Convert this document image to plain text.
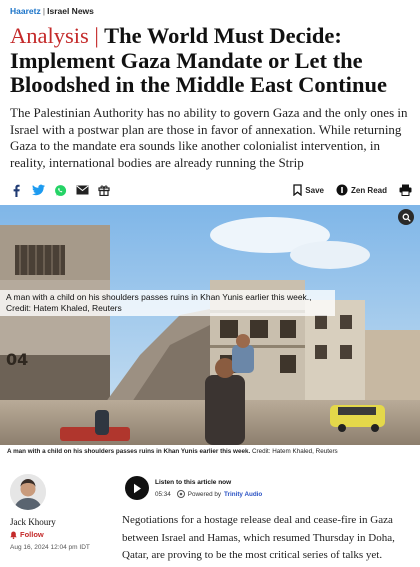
Haaretz | Israel News
Analysis | The World Must Decide: Implement Gaza Mandate or Let the Bloodshed in the Middle East Continue

The Palestinian Authority has no ability to govern Gaza and the only ones in Israel with a postwar plan are those in favor of annexation. While returning Gaza to the mandate era sounds like another colonialist intervention, in reality, international bodies are already running the Strip

Save	Zen Read
04
A man with a child on his shoulders passes ruins in Khan Yunis earlier this week.,
Credit: Hatem Khaled, Reuters
A man with a child on his shoulders passes ruins in Khan Yunis earlier this week. Credit: Hatem Khaled, Reuters
Jack Khoury
Follow
Aug 16, 2024 12:04 pm IDT
Listen to this article now
05:34	Powered by Trinity Audio

Negotiations for a hostage release deal and cease-fire in Gaza between Israel and Hamas, which resumed Thursday in Doha, Qatar, are proving to be the most critical series of talks yet.
